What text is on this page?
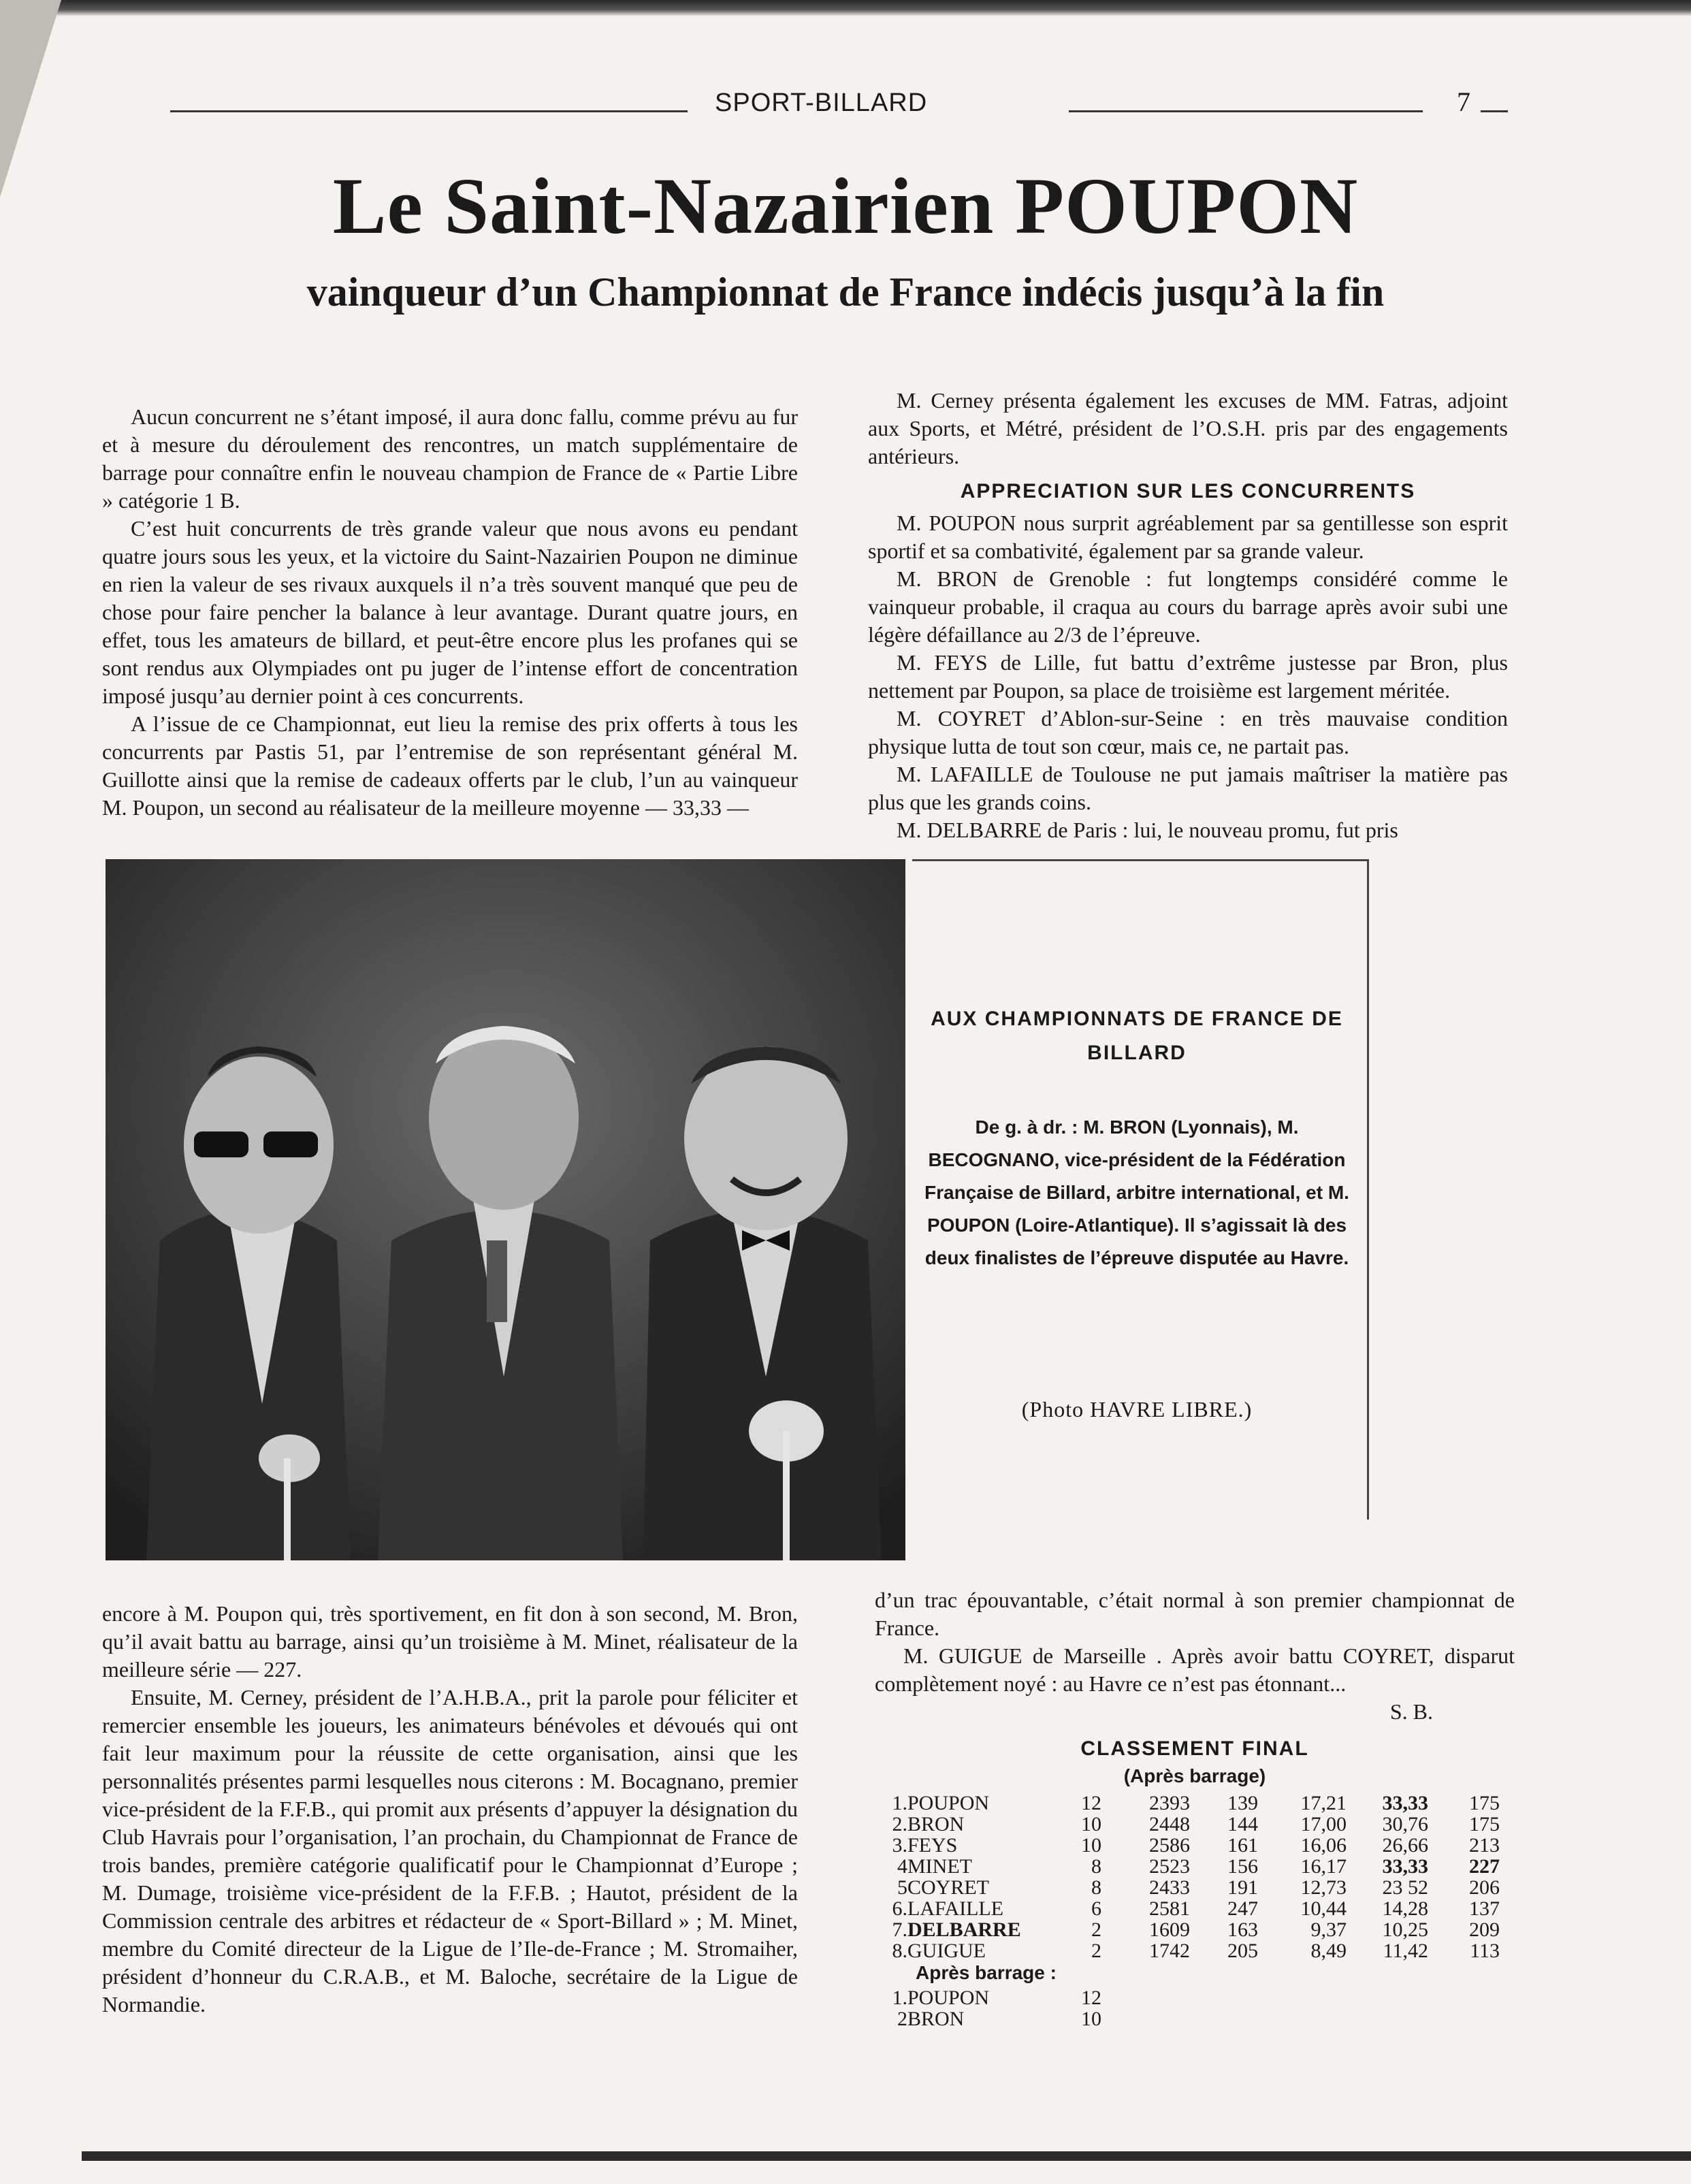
SPORT-BILLARD	7
Le Saint-Nazairien POUPON
vainqueur d’un Championnat de France indécis jusqu’à la fin

Aucun concurrent ne s’étant imposé, il aura donc fallu, comme prévu au fur et à mesure du déroulement des rencontres, un match supplémentaire de barrage pour connaître enfin le nouveau champion de France de « Partie Libre » catégorie 1 B.

C’est huit concurrents de très grande valeur que nous avons eu pendant quatre jours sous les yeux, et la victoire du Saint-Nazairien Poupon ne diminue en rien la valeur de ses rivaux auxquels il n’a très souvent manqué que peu de chose pour faire pencher la balance à leur avantage. Durant quatre jours, en effet, tous les amateurs de billard, et peut-être encore plus les profanes qui se sont rendus aux Olympiades ont pu juger de l’intense effort de concentration imposé jusqu’au dernier point à ces concurrents.

A l’issue de ce Championnat, eut lieu la remise des prix offerts à tous les concurrents par Pastis 51, par l’entremise de son représentant général M. Guillotte ainsi que la remise de cadeaux offerts par le club, l’un au vainqueur M. Poupon, un second au réalisateur de la meilleure moyenne — 33,33 —

M. Cerney présenta également les excuses de MM. Fatras, adjoint aux Sports, et Métré, président de l’O.S.H. pris par des engagements antérieurs.

APPRECIATION SUR LES CONCURRENTS

M. POUPON nous surprit agréablement par sa gentillesse son esprit sportif et sa combativité, également par sa grande valeur.

M. BRON de Grenoble : fut longtemps considéré comme le vainqueur probable, il craqua au cours du barrage après avoir subi une légère défaillance au 2/3 de l’épreuve.

M. FEYS de Lille, fut battu d’extrême justesse par Bron, plus nettement par Poupon, sa place de troisième est largement méritée.

M. COYRET d’Ablon-sur-Seine : en très mauvaise condition physique lutta de tout son cœur, mais ce, ne partait pas.

M. LAFAILLE de Toulouse ne put jamais maîtriser la matière pas plus que les grands coins.

M. DELBARRE de Paris : lui, le nouveau promu, fut pris

AUX CHAMPIONNATS DE FRANCE DE BILLARD
De g. à dr. : M. BRON (Lyonnais), M. BECOGNANO, vice-président de la Fédération Française de Billard, arbitre international, et M. POUPON (Loire-Atlantique). Il s’agissait là des deux finalistes de l’épreuve disputée au Havre.
(Photo HAVRE LIBRE.)

encore à M. Poupon qui, très sportivement, en fit don à son second, M. Bron, qu’il avait battu au barrage, ainsi qu’un troisième à M. Minet, réalisateur de la meilleure série — 227.

Ensuite, M. Cerney, président de l’A.H.B.A., prit la parole pour féliciter et remercier ensemble les joueurs, les animateurs bénévoles et dévoués qui ont fait leur maximum pour la réussite de cette organisation, ainsi que les personnalités présentes parmi lesquelles nous citerons : M. Bocagnano, premier vice-président de la F.F.B., qui promit aux présents d’appuyer la désignation du Club Havrais pour l’organisation, l’an prochain, du Championnat de France de trois bandes, première catégorie qualificatif pour le Championnat d’Europe ; M. Dumage, troisième vice-président de la F.F.B. ; Hautot, président de la Commission centrale des arbitres et rédacteur de « Sport-Billard » ; M. Minet, membre du Comité directeur de la Ligue de l’Ile-de-France ; M. Stromaiher, président d’honneur du C.R.A.B., et M. Baloche, secrétaire de la Ligue de Normandie.

d’un trac épouvantable, c’était normal à son premier championnat de France.

M. GUIGUE de Marseille . Après avoir battu COYRET, disparut complètement noyé : au Havre ce n’est pas étonnant...

S. B.
CLASSEMENT FINAL
(Après barrage)
1.	POUPON	12	2393	139	17,21	33,33	175
2.	BRON	10	2448	144	17,00	30,76	175
3.	FEYS	10	2586	161	16,06	26,66	213
4	MINET	8	2523	156	16,17	33,33	227
5	COYRET	8	2433	191	12,73	23 52	206
6.	LAFAILLE	6	2581	247	10,44	14,28	137
7.	DELBARRE	2	1609	163	9,37	10,25	209
8.	GUIGUE	2	1742	205	8,49	11,42	113
Après barrage :
1.	POUPON	12
2	BRON	10
